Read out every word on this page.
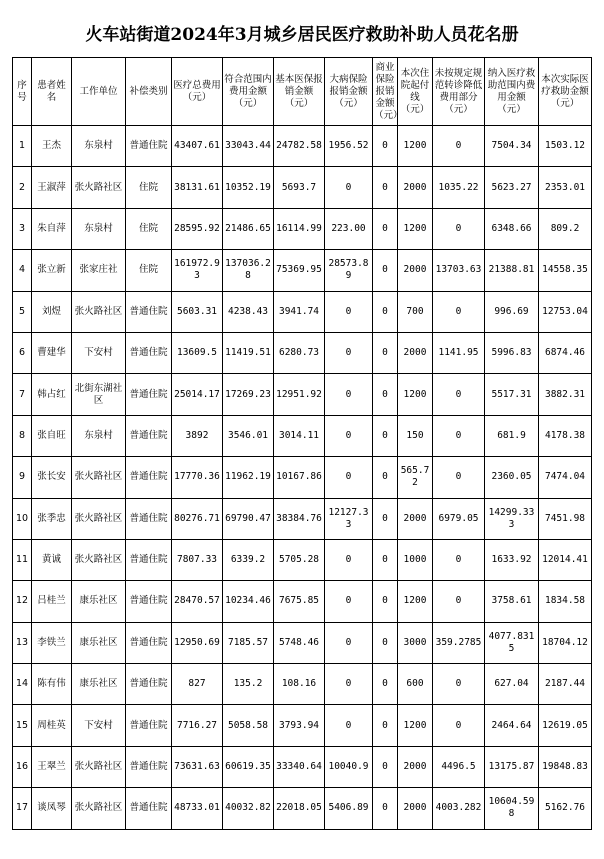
火车站街道2024年3月城乡居民医疗救助补助人员花名册
序号	患者姓名	工作单位	补偿类别	医疗总费用（元）	符合范围内费用金额（元）	基本医保报销金额（元）	大病保险报销金额（元）	商业保险报销金额（元）	本次住院起付线（元）	未按规定规范转诊降低费用部分（元）	纳入医疗救助范围内费用金额（元）	本次实际医疗救助金额（元）
1	王杰	东泉村	普通住院	43407.61	33043.44	24782.58	1956.52	0	1200	0	7504.34	1503.12
2	王淑萍	张火路社区	住院	38131.61	10352.19	5693.7	0	0	2000	1035.22	5623.27	2353.01
3	朱自萍	东泉村	住院	28595.92	21486.65	16114.99	223.00	0	1200	0	6348.66	809.2
4	张立新	张家庄社	住院	161972.93	137036.28	75369.95	28573.89	0	2000	13703.63	21388.81	14558.35
5	刘煜	张火路社区	普通住院	5603.31	4238.43	3941.74	0	0	700	0	996.69	12753.04
6	曹建华	下安村	普通住院	13609.5	11419.51	6280.73	0	0	2000	1141.95	5996.83	6874.46
7	韩占红	北街东湖社区	普通住院	25014.17	17269.23	12951.92	0	0	1200	0	5517.31	3882.31
8	张自旺	东泉村	普通住院	3892	3546.01	3014.11	0	0	150	0	681.9	4178.38
9	张长安	张火路社区	普通住院	17770.36	11962.19	10167.86	0	0	565.72	0	2360.05	7474.04
10	张季忠	张火路社区	普通住院	80276.71	69790.47	38384.76	12127.33	0	2000	6979.05	14299.333	7451.98
11	黄诚	张火路社区	普通住院	7807.33	6339.2	5705.28	0	0	1000	0	1633.92	12014.41
12	吕桂兰	康乐社区	普通住院	28470.57	10234.46	7675.85	0	0	1200	0	3758.61	1834.58
13	李铁兰	康乐社区	普通住院	12950.69	7185.57	5748.46	0	0	3000	359.2785	4077.8315	18704.12
14	陈有伟	康乐社区	普通住院	827	135.2	108.16	0	0	600	0	627.04	2187.44
15	周桂英	下安村	普通住院	7716.27	5058.58	3793.94	0	0	1200	0	2464.64	12619.05
16	王翠兰	张火路社区	普通住院	73631.63	60619.35	33340.64	10040.9	0	2000	4496.5	13175.87	19848.83
17	谈凤琴	张火路社区	普通住院	48733.01	40032.82	22018.05	5406.89	0	2000	4003.282	10604.598	5162.76
